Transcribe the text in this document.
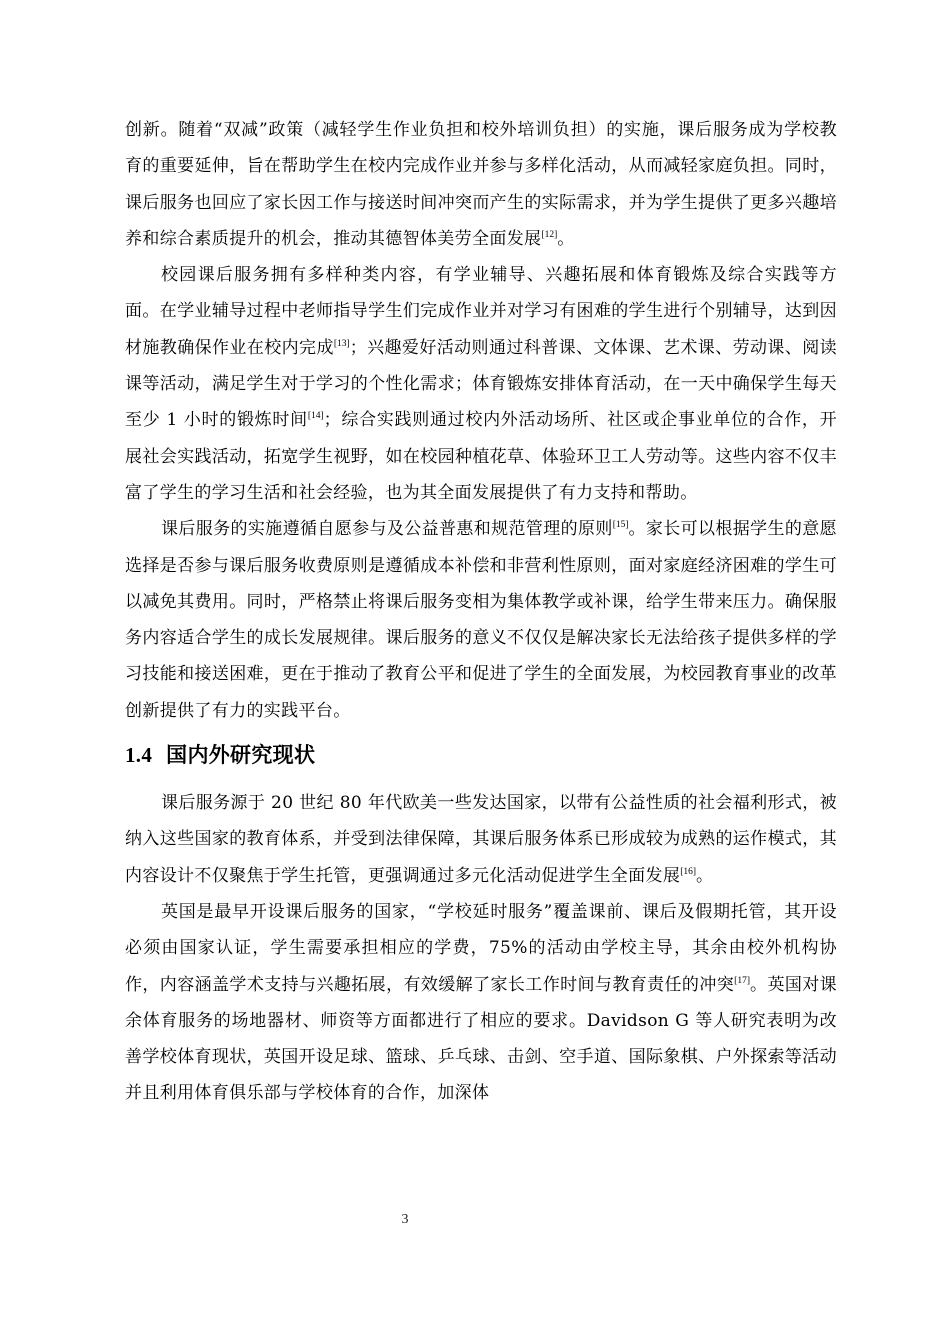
创新。随着“双减”政策（减轻学生作业负担和校外培训负担）的实施，课后服务成为学校教育的重要延伸，旨在帮助学生在校内完成作业并参与多样化活动，从而减轻家庭负担。同时，课后服务也回应了家长因工作与接送时间冲突而产生的实际需求，并为学生提供了更多兴趣培养和综合素质提升的机会，推动其德智体美劳全面发展[12]。

校园课后服务拥有多样种类内容，有学业辅导、兴趣拓展和体育锻炼及综合实践等方面。在学业辅导过程中老师指导学生们完成作业并对学习有困难的学生进行个别辅导，达到因材施教确保作业在校内完成[13]；兴趣爱好活动则通过科普课、文体课、艺术课、劳动课、阅读课等活动，满足学生对于学习的个性化需求；体育锻炼安排体育活动，在一天中确保学生每天至少 1 小时的锻炼时间[14]；综合实践则通过校内外活动场所、社区或企事业单位的合作，开展社会实践活动，拓宽学生视野，如在校园种植花草、体验环卫工人劳动等。这些内容不仅丰富了学生的学习生活和社会经验，也为其全面发展提供了有力支持和帮助。

课后服务的实施遵循自愿参与及公益普惠和规范管理的原则[15]。家长可以根据学生的意愿选择是否参与课后服务收费原则是遵循成本补偿和非营利性原则，面对家庭经济困难的学生可以减免其费用。同时，严格禁止将课后服务变相为集体教学或补课，给学生带来压力。确保服务内容适合学生的成长发展规律。课后服务的意义不仅仅是解决家长无法给孩子提供多样的学习技能和接送困难，更在于推动了教育公平和促进了学生的全面发展，为校园教育事业的改革创新提供了有力的实践平台。

1.4 国内外研究现状

课后服务源于 20 世纪 80 年代欧美一些发达国家，以带有公益性质的社会福利形式，被纳入这些国家的教育体系，并受到法律保障，其课后服务体系已形成较为成熟的运作模式，其内容设计不仅聚焦于学生托管，更强调通过多元化活动促进学生全面发展[16]。

英国是最早开设课后服务的国家，“学校延时服务”覆盖课前、课后及假期托管，其开设必须由国家认证，学生需要承担相应的学费，75%的活动由学校主导，其余由校外机构协作，内容涵盖学术支持与兴趣拓展，有效缓解了家长工作时间与教育责任的冲突[17]。英国对课余体育服务的场地器材、师资等方面都进行了相应的要求。Davidson G 等人研究表明为改善学校体育现状，英国开设足球、篮球、乒乓球、击剑、空手道、国际象棋、户外探索等活动并且利用体育俱乐部与学校体育的合作，加深体

3
